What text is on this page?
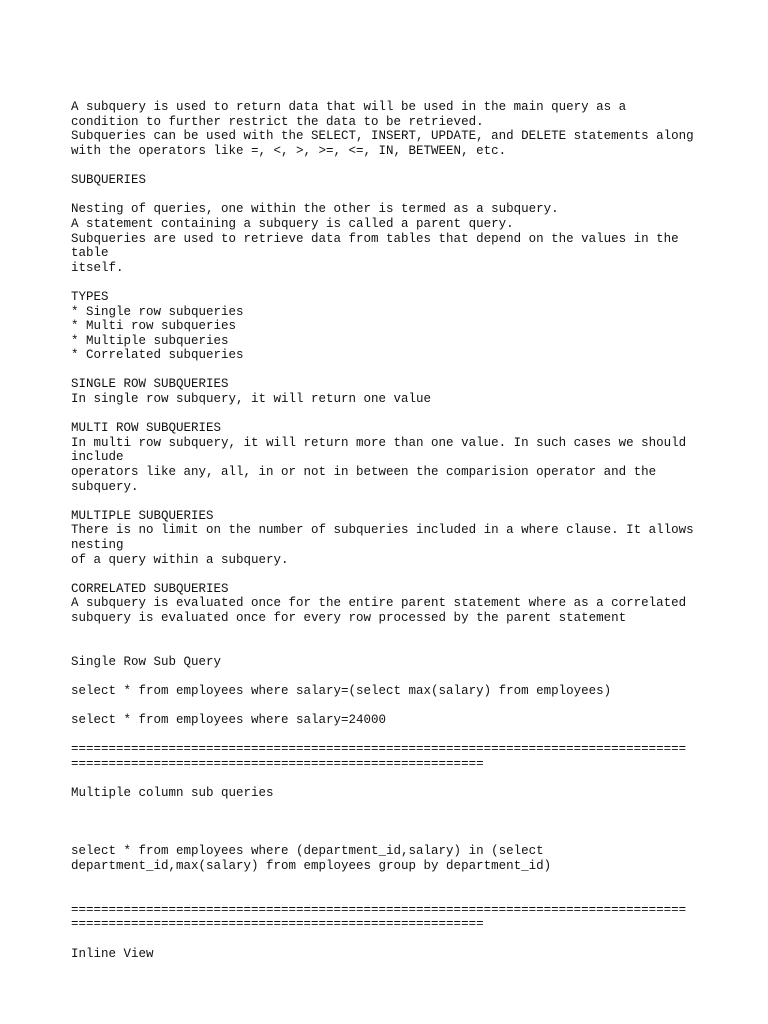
A subquery is used to return data that will be used in the main query as a
condition to further restrict the data to be retrieved.
Subqueries can be used with the SELECT, INSERT, UPDATE, and DELETE statements along
with the operators like =, <, >, >=, <=, IN, BETWEEN, etc.
SUBQUERIES
Nesting of queries, one within the other is termed as a subquery.
A statement containing a subquery is called a parent query.
Subqueries are used to retrieve data from tables that depend on the values in the
table
itself.
TYPES
* Single row subqueries
* Multi row subqueries
* Multiple subqueries
* Correlated subqueries
SINGLE ROW SUBQUERIES
In single row subquery, it will return one value
MULTI ROW SUBQUERIES
In multi row subquery, it will return more than one value. In such cases we should
include
operators like any, all, in or not in between the comparision operator and the
subquery.
MULTIPLE SUBQUERIES
There is no limit on the number of subqueries included in a where clause. It allows
nesting
of a query within a subquery.
CORRELATED SUBQUERIES
A subquery is evaluated once for the entire parent statement where as a correlated
subquery is evaluated once for every row processed by the parent statement
Single Row Sub Query
select * from employees where salary=(select max(salary) from employees)
select * from employees where salary=24000
==================================================================================
=======================================================
Multiple column sub queries
select * from employees where (department_id,salary) in (select
department_id,max(salary) from employees group by department_id)
==================================================================================
=======================================================
Inline View
